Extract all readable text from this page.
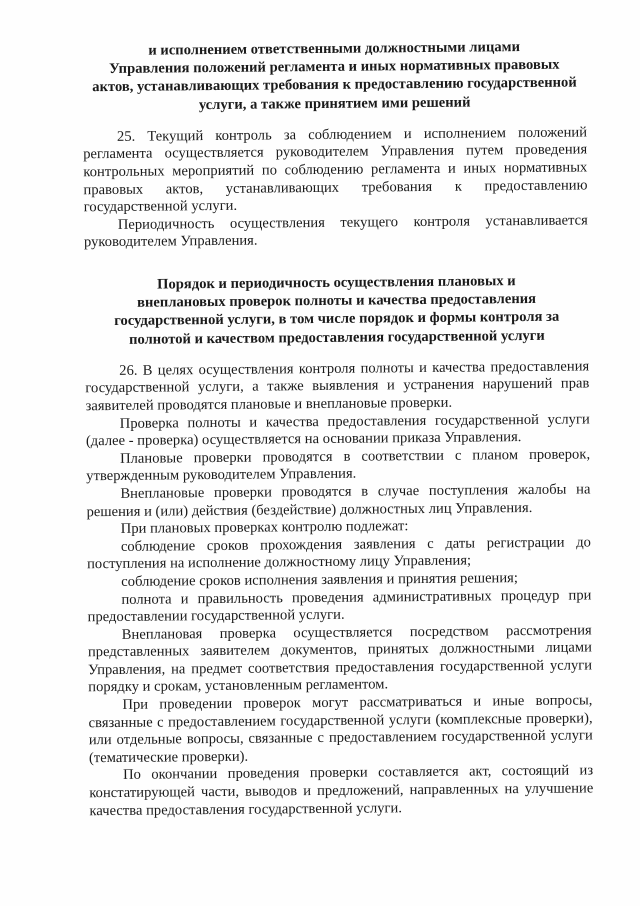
и исполнением ответственными должностными лицами
Управления положений регламента и иных нормативных правовых
актов, устанавливающих требования к предоставлению государственной
услуги, а также принятием ими решений

25. Текущий контроль за соблюдением и исполнением положений регламента осуществляется руководителем Управления путем проведения контрольных мероприятий по соблюдению регламента и иных нормативных правовых актов, устанавливающих требования к предоставлению государственной услуги.

Периодичность осуществления текущего контроля устанавливается руководителем Управления.

Порядок и периодичность осуществления плановых и
внеплановых проверок полноты и качества предоставления
государственной услуги, в том числе порядок и формы контроля за
полнотой и качеством предоставления государственной услуги

26. В целях осуществления контроля полноты и качества предоставления государственной услуги, а также выявления и устранения нарушений прав заявителей проводятся плановые и внеплановые проверки.

Проверка полноты и качества предоставления государственной услуги (далее - проверка) осуществляется на основании приказа Управления.

Плановые проверки проводятся в соответствии с планом проверок, утвержденным руководителем Управления.

Внеплановые проверки проводятся в случае поступления жалобы на решения и (или) действия (бездействие) должностных лиц Управления.

При плановых проверках контролю подлежат:

соблюдение сроков прохождения заявления с даты регистрации до поступления на исполнение должностному лицу Управления;

соблюдение сроков исполнения заявления и принятия решения;

полнота и правильность проведения административных процедур при предоставлении государственной услуги.

Внеплановая проверка осуществляется посредством рассмотрения представленных заявителем документов, принятых должностными лицами Управления, на предмет соответствия предоставления государственной услуги порядку и срокам, установленным регламентом.

При проведении проверок могут рассматриваться и иные вопросы, связанные с предоставлением государственной услуги (комплексные проверки), или отдельные вопросы, связанные с предоставлением государственной услуги (тематические проверки).

По окончании проведения проверки составляется акт, состоящий из констатирующей части, выводов и предложений, направленных на улучшение качества предоставления государственной услуги.
